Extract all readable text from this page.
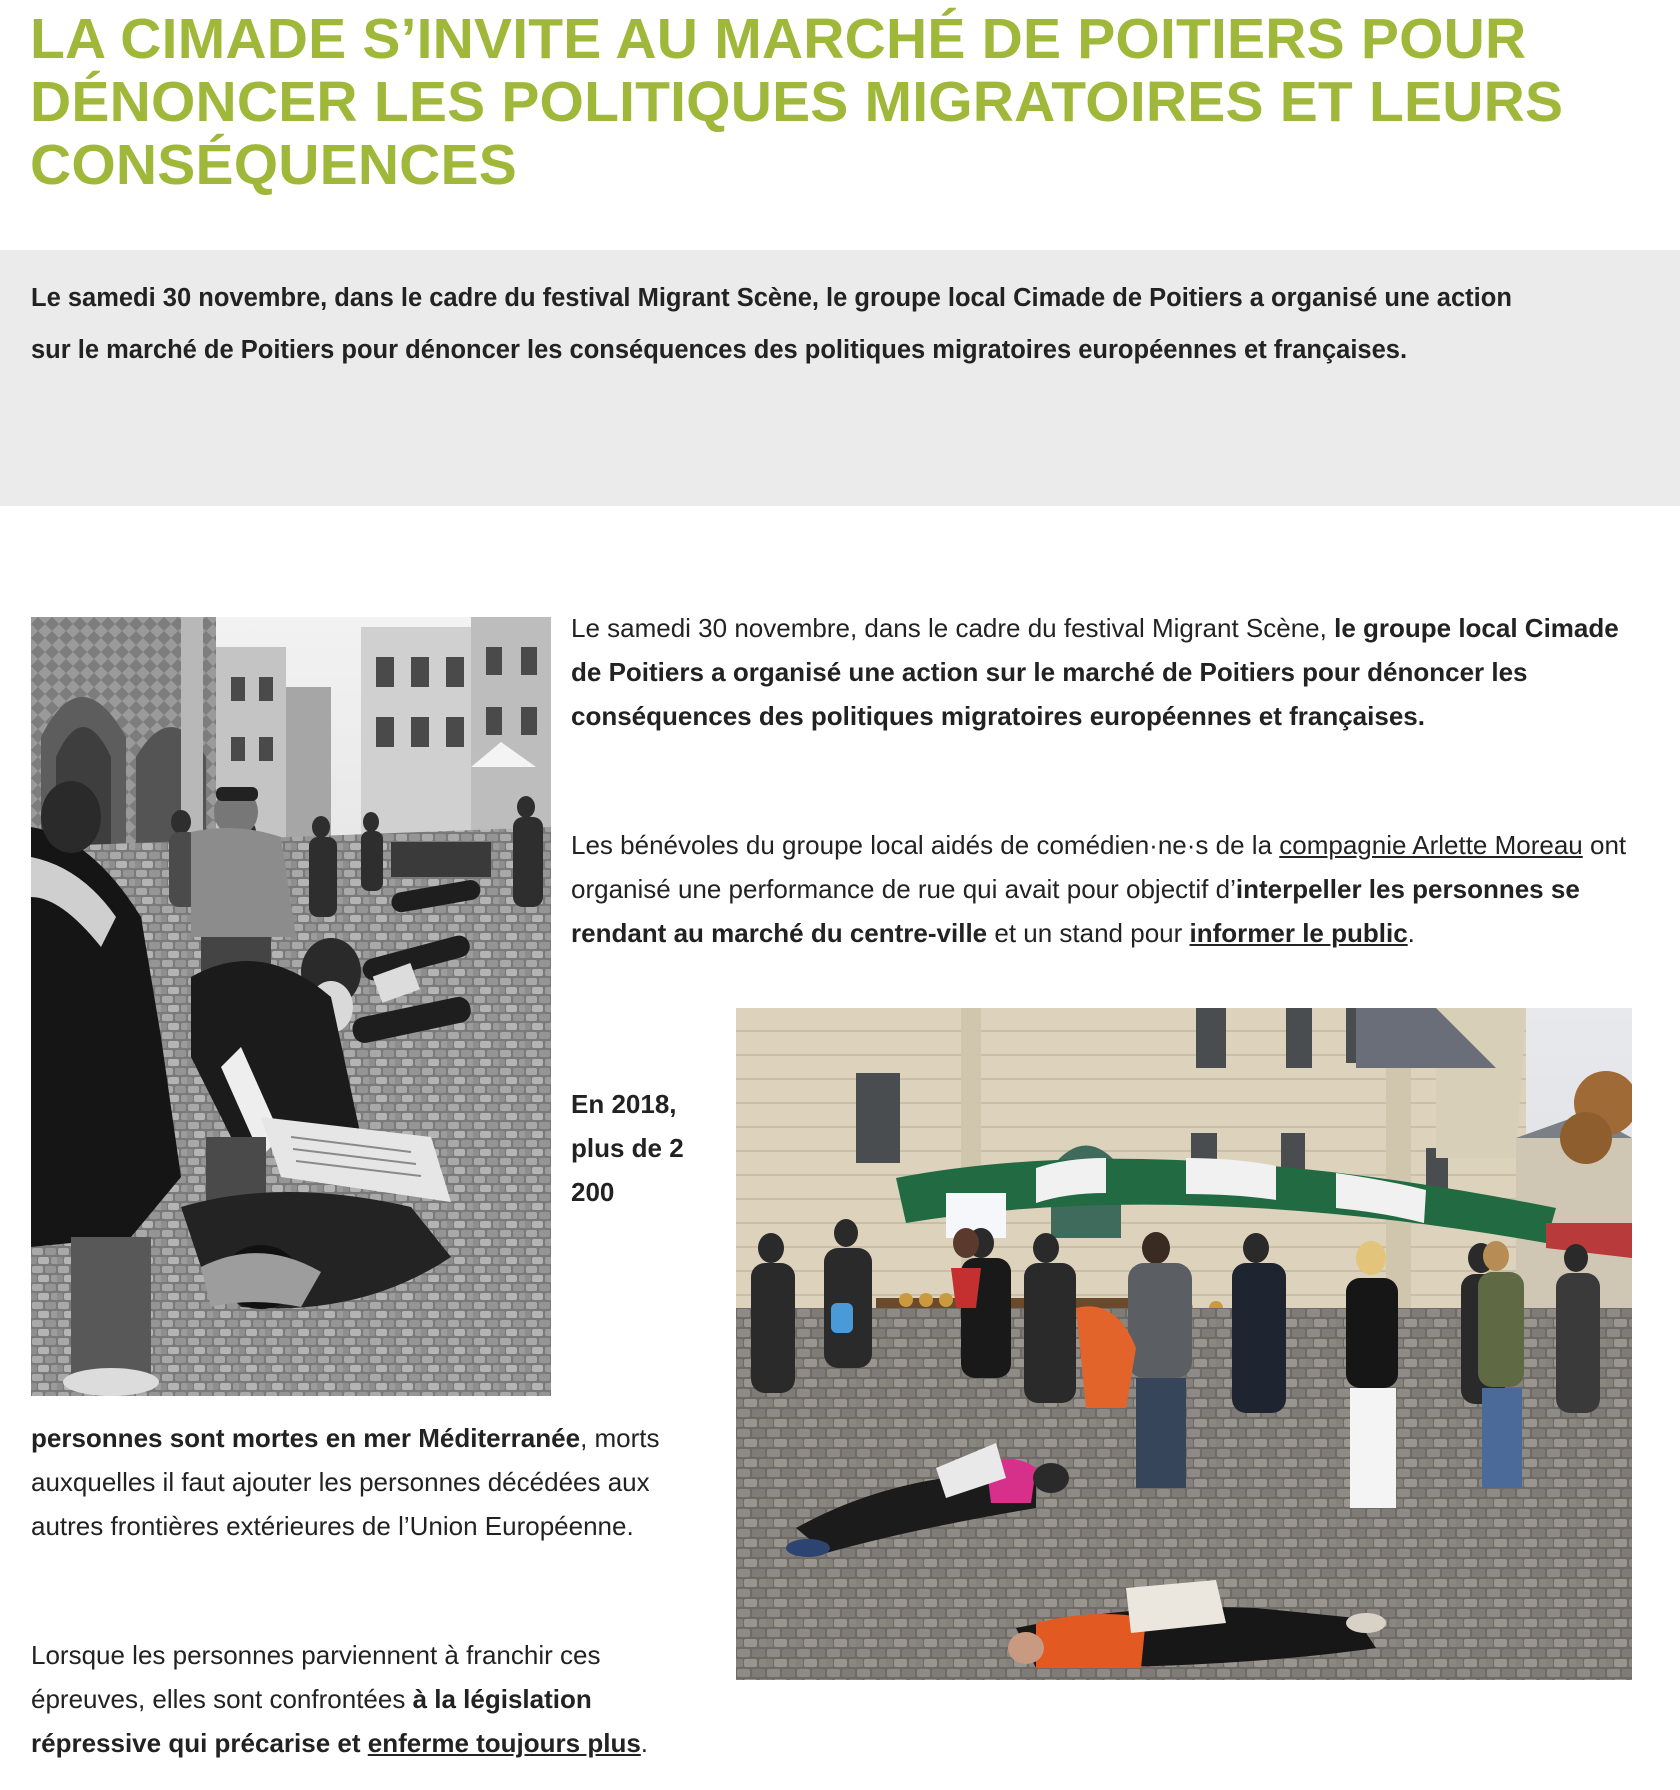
LA CIMADE S’INVITE AU MARCHÉ DE POITIERS POUR DÉNONCER LES POLITIQUES MIGRATOIRES ET LEURS CONSÉQUENCES

Le samedi 30 novembre, dans le cadre du festival Migrant Scène, le groupe local Cimade de Poitiers a organisé une action sur le marché de Poitiers pour dénoncer les conséquences des politiques migratoires européennes et françaises.

Le samedi 30 novembre, dans le cadre du festival Migrant Scène, le groupe local Cimade de Poitiers a organisé une action sur le marché de Poitiers pour dénoncer les conséquences des politiques migratoires européennes et françaises.

Les bénévoles du groupe local aidés de comédien·ne·s de la compagnie Arlette Moreau ont organisé une performance de rue qui avait pour objectif d’interpeller les personnes se rendant au marché du centre-ville et un stand pour informer le public.

En 2018, plus de 2 200

personnes sont mortes en mer Méditerranée, morts auxquelles il faut ajouter les personnes décédées aux autres frontières extérieures de l’Union Européenne.

Lorsque les personnes parviennent à franchir ces épreuves, elles sont confrontées à la législation répressive qui précarise et enferme toujours plus.
